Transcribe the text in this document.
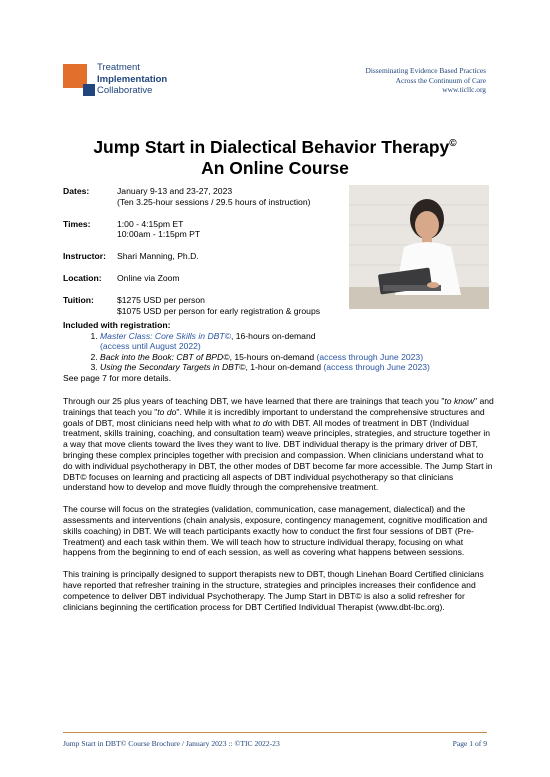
Treatment
Implementation
Collaborative
Disseminating Evidence Based Practices
Across the Continuum of Care
www.ticllc.org
Jump Start in Dialectical Behavior Therapy©
An Online Course
Dates:	January 9-13 and 23-27, 2023
(Ten 3.25-hour sessions / 29.5 hours of instruction)
Times:	1:00 - 4:15pm ET
10:00am - 1:15pm PT
Instructor:	Shari Manning, Ph.D.
Location:	Online via Zoom
Tuition:	$1275 USD per person
$1075 USD per person for early registration & groups
Included with registration:
1. Master Class: Core Skills in DBT©, 16-hours on-demand
(access until August 2022)
2. Back into the Book: CBT of BPD©, 15-hours on-demand (access through June 2023)
3. Using the Secondary Targets in DBT©, 1-hour on-demand (access through June 2023)
See page 7 for more details.

Through our 25 plus years of teaching DBT, we have learned that there are trainings that teach you "to know" and trainings that teach you "to do". While it is incredibly important to understand the comprehensive structures and goals of DBT, most clinicians need help with what to do with DBT. All modes of treatment in DBT (Individual treatment, skills training, coaching, and consultation team) weave principles, strategies, and structure together in a way that move clients toward the lives they want to live. DBT individual therapy is the primary driver of DBT, bringing these complex principles together with precision and compassion. When clinicians understand what to do with individual psychotherapy in DBT, the other modes of DBT become far more accessible. The Jump Start in DBT© focuses on learning and practicing all aspects of DBT individual psychotherapy so that clinicians understand how to develop and move fluidly through the comprehensive treatment.

The course will focus on the strategies (validation, communication, case management, dialectical) and the assessments and interventions (chain analysis, exposure, contingency management, cognitive modification and skills coaching) in DBT. We will teach participants exactly how to conduct the first four sessions of DBT (Pre-Treatment) and each task within them. We will teach how to structure individual therapy, focusing on what happens from the beginning to end of each session, as well as covering what happens between sessions.

This training is principally designed to support therapists new to DBT, though Linehan Board Certified clinicians have reported that refresher training in the structure, strategies and principles increases their confidence and competence to deliver DBT individual Psychotherapy. The Jump Start in DBT© is also a solid refresher for clinicians beginning the certification process for DBT Certified Individual Therapist (www.dbt-lbc.org).

Jump Start in DBT© Course Brochure / January 2023 :: ©TIC 2022-23	Page 1 of 9
